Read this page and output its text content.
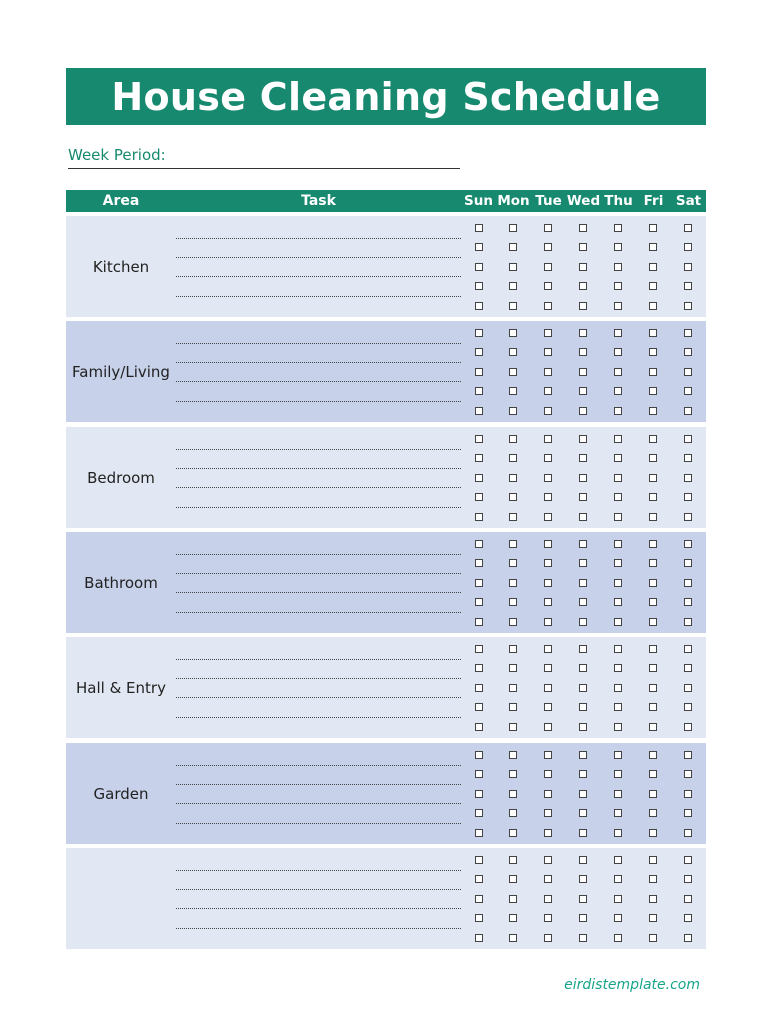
House Cleaning Schedule
Week Period:
Area	Task	Sun Mon Tue Wed Thu Fri Sat
Kitchen
Family/Living
Bedroom
Bathroom
Hall & Entry
Garden
eirdistemplate.com
